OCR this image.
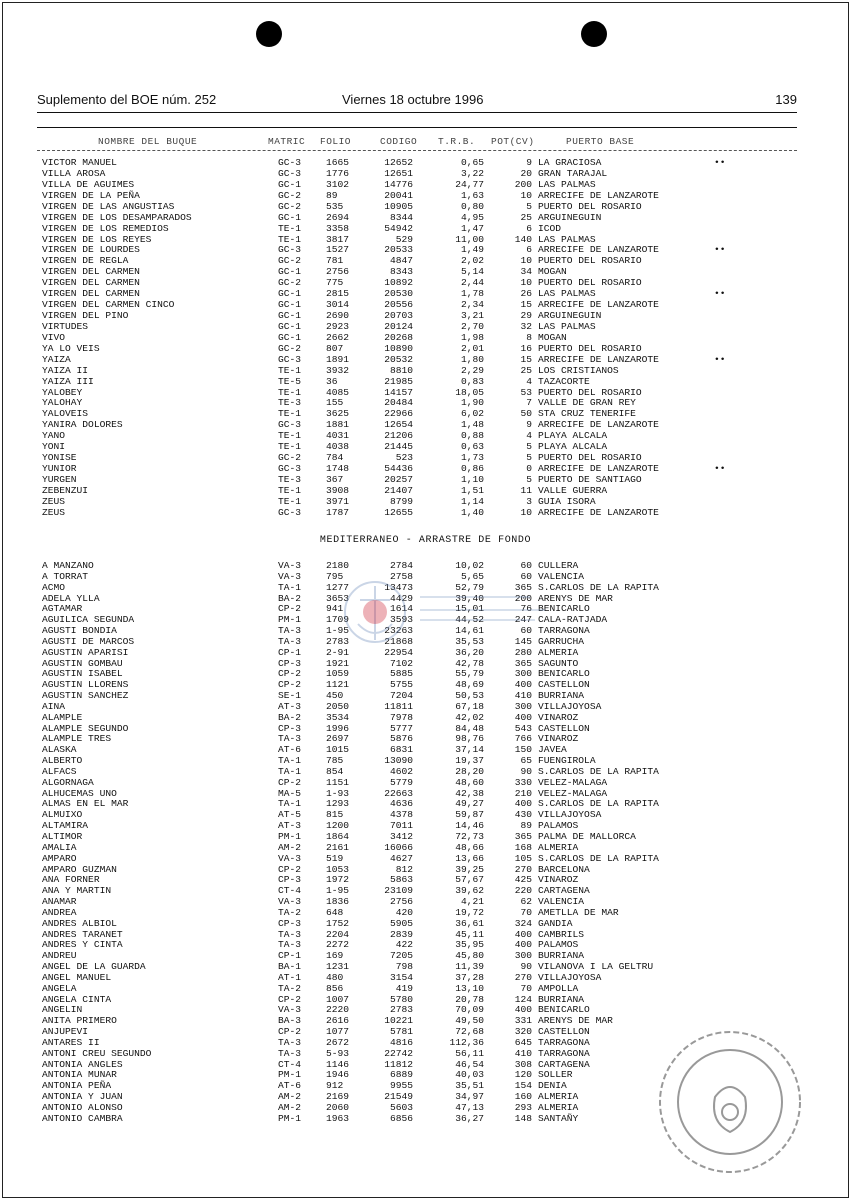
Suplemento del BOE núm. 252	Viernes 18 octubre 1996	139
NOMBRE DEL BUQUE	MATRIC FOLIO	CODIGO T.R.B. POT(CV)	PUERTO BASE
VICTOR MANUEL	GC-3	1665	12652	0,65	9 LA GRACIOSA	••
VILLA AROSA	GC-3	1776	12651	3,22	20 GRAN TARAJAL
VILLA DE AGUIMES	GC-1	3102	14776	24,77	200 LAS PALMAS
VIRGEN DE LA PEÑA	GC-2	89	20041	1,63	10 ARRECIFE DE LANZAROTE
VIRGEN DE LAS ANGUSTIAS	GC-2	535	10905	0,80	5 PUERTO DEL ROSARIO
VIRGEN DE LOS DESAMPARADOS	GC-1	2694	8344	4,95	25 ARGUINEGUIN
VIRGEN DE LOS REMEDIOS	TE-1	3358	54942	1,47	6 ICOD
VIRGEN DE LOS REYES	TE-1	3817	529	11,00	140 LAS PALMAS
VIRGEN DE LOURDES	GC-3	1527	20533	1,49	6 ARRECIFE DE LANZAROTE	••
VIRGEN DE REGLA	GC-2	781	4847	2,02	10 PUERTO DEL ROSARIO
VIRGEN DEL CARMEN	GC-1	2756	8343	5,14	34 MOGAN
VIRGEN DEL CARMEN	GC-2	775	10892	2,44	10 PUERTO DEL ROSARIO
VIRGEN DEL CARMEN	GC-1	2815	20530	1,78	26 LAS PALMAS	••
VIRGEN DEL CARMEN CINCO	GC-1	3014	20556	2,34	15 ARRECIFE DE LANZAROTE
VIRGEN DEL PINO	GC-1	2690	20703	3,21	29 ARGUINEGUIN
VIRTUDES	GC-1	2923	20124	2,70	32 LAS PALMAS
VIVO	GC-1	2662	20268	1,98	8 MOGAN
YA LO VEIS	GC-2	807	10890	2,01	16 PUERTO DEL ROSARIO
YAIZA	GC-3	1891	20532	1,80	15 ARRECIFE DE LANZAROTE	••
YAIZA II	TE-1	3932	8810	2,29	25 LOS CRISTIANOS
YAIZA III	TE-5	36	21985	0,83	4 TAZACORTE
YALOBEY	TE-1	4085	14157	18,05	53 PUERTO DEL ROSARIO
YALOHAY	TE-3	155	20484	1,90	7 VALLE DE GRAN REY
YALOVEIS	TE-1	3625	22966	6,02	50 STA CRUZ TENERIFE
YANIRA DOLORES	GC-3	1881	12654	1,48	9 ARRECIFE DE LANZAROTE
YANO	TE-1	4031	21206	0,88	4 PLAYA ALCALA
YONI	TE-1	4038	21445	0,63	5 PLAYA ALCALA
YONISE	GC-2	784	523	1,73	5 PUERTO DEL ROSARIO
YUNIOR	GC-3	1748	54436	0,86	0 ARRECIFE DE LANZAROTE	••
YURGEN	TE-3	367	20257	1,10	5 PUERTO DE SANTIAGO
ZEBENZUI	TE-1	3908	21407	1,51	11 VALLE GUERRA
ZEUS	TE-1	3971	8799	1,14	3 GUIA ISORA
ZEUS	GC-3	1787	12655	1,40	10 ARRECIFE DE LANZAROTE
MEDITERRANEO - ARRASTRE DE FONDO
A MANZANO	VA-3	2180	2784	10,02	60 CULLERA
A TORRAT	VA-3	795	2758	5,65	60 VALENCIA
ACMO	TA-1	1277	13473	52,79	365 S.CARLOS DE LA RAPITA
ADELA YLLA	BA-2	3653	4429	39,40	200 ARENYS DE MAR
AGTAMAR	CP-2	941	1614	15,01	76 BENICARLO
AGUILICA SEGUNDA	PM-1	1709	3593	44,52	247 CALA-RATJADA
AGUSTI BONDIA	TA-3	1-95	23263	14,61	60 TARRAGONA
AGUSTI DE MARCOS	TA-3	2783	21868	35,53	145 GARRUCHA
AGUSTIN APARISI	CP-1	2-91	22954	36,20	280 ALMERIA
AGUSTIN GOMBAU	CP-3	1921	7102	42,78	365 SAGUNTO
AGUSTIN ISABEL	CP-2	1059	5885	55,79	300 BENICARLO
AGUSTIN LLORENS	CP-2	1121	5755	48,69	400 CASTELLON
AGUSTIN SANCHEZ	SE-1	450	7204	50,53	410 BURRIANA
AINA	AT-3	2050	11811	67,18	300 VILLAJOYOSA
ALAMPLE	BA-2	3534	7978	42,02	400 VINAROZ
ALAMPLE SEGUNDO	CP-3	1996	5777	84,48	543 CASTELLON
ALAMPLE TRES	TA-3	2697	5876	98,76	766 VINAROZ
ALASKA	AT-6	1015	6831	37,14	150 JAVEA
ALBERTO	TA-1	785	13090	19,37	65 FUENGIROLA
ALFACS	TA-1	854	4602	28,20	90 S.CARLOS DE LA RAPITA
ALGORNAGA	CP-2	1151	5779	48,60	330 VELEZ-MALAGA
ALHUCEMAS UNO	MA-5	1-93	22663	42,38	210 VELEZ-MALAGA
ALMAS EN EL MAR	TA-1	1293	4636	49,27	400 S.CARLOS DE LA RAPITA
ALMUIXO	AT-5	815	4378	59,87	430 VILLAJOYOSA
ALTAMIRA	AT-3	1200	7011	14,46	89 PALAMOS
ALTIMOR	PM-1	1864	3412	72,73	365 PALMA DE MALLORCA
AMALIA	AM-2	2161	16066	48,66	168 ALMERIA
AMPARO	VA-3	519	4627	13,66	105 S.CARLOS DE LA RAPITA
AMPARO GUZMAN	CP-2	1053	812	39,25	270 BARCELONA
ANA FORNER	CP-3	1972	5863	57,67	425 VINAROZ
ANA Y MARTIN	CT-4	1-95	23109	39,62	220 CARTAGENA
ANAMAR	VA-3	1836	2756	4,21	62 VALENCIA
ANDREA	TA-2	648	420	19,72	70 AMETLLA DE MAR
ANDRES ALBIOL	CP-3	1752	5905	36,61	324 GANDIA
ANDRES TARANET	TA-3	2204	2839	45,11	400 CAMBRILS
ANDRES Y CINTA	TA-3	2272	422	35,95	400 PALAMOS
ANDREU	CP-1	169	7205	45,80	300 BURRIANA
ANGEL DE LA GUARDA	BA-1	1231	798	11,39	90 VILANOVA I LA GELTRU
ANGEL MANUEL	AT-1	480	3154	37,28	270 VILLAJOYOSA
ANGELA	TA-2	856	419	13,10	70 AMPOLLA
ANGELA CINTA	CP-2	1007	5780	20,78	124 BURRIANA
ANGELIN	VA-3	2220	2783	70,09	400 BENICARLO
ANITA PRIMERO	BA-3	2616	10221	49,50	331 ARENYS DE MAR
ANJUPEVI	CP-2	1077	5781	72,68	320 CASTELLON
ANTARES II	TA-3	2672	4816	112,36	645 TARRAGONA
ANTONI CREU SEGUNDO	TA-3	5-93	22742	56,11	410 TARRAGONA
ANTONIA ANGLES	CT-4	1146	11812	46,54	308 CARTAGENA
ANTONIA MUNAR	PM-1	1946	6889	40,03	120 SOLLER
ANTONIA PEÑA	AT-6	912	9955	35,51	154 DENIA
ANTONIA Y JUAN	AM-2	2169	21549	34,97	160 ALMERIA
ANTONIO ALONSO	AM-2	2060	5603	47,13	293 ALMERIA
ANTONIO CAMBRA	PM-1	1963	6856	36,27	148 SANTAÑY
